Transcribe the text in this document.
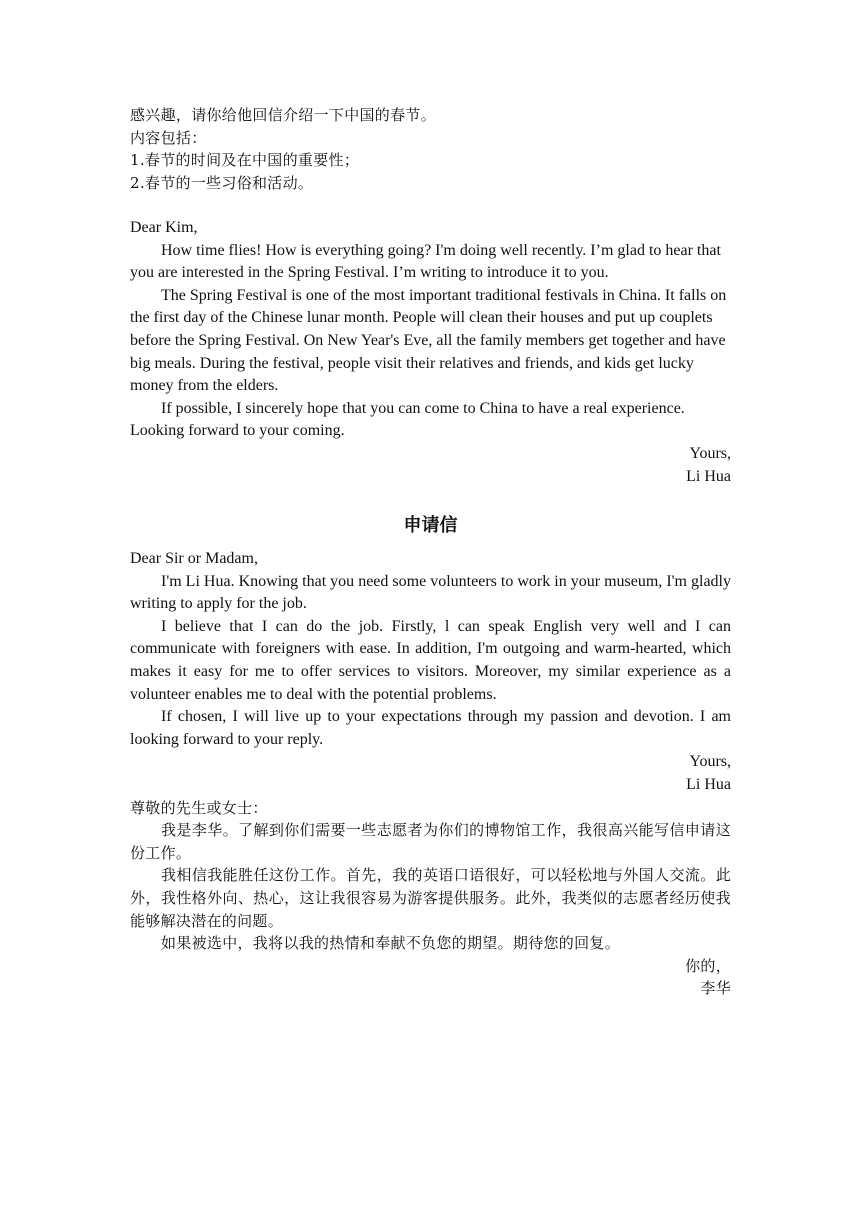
感兴趣，请你给他回信介绍一下中国的春节。

内容包括：

1.春节的时间及在中国的重要性；

2.春节的一些习俗和活动。

Dear Kim,

How time flies! How is everything going? I'm doing well recently. I’m glad to hear that you are interested in the Spring Festival. I’m writing to introduce it to you.

The Spring Festival is one of the most important traditional festivals in China. It falls on the first day of the Chinese lunar month. People will clean their houses and put up couplets before the Spring Festival. On New Year's Eve, all the family members get together and have big meals. During the festival, people visit their relatives and friends, and kids get lucky money from the elders.

If possible, I sincerely hope that you can come to China to have a real experience. Looking forward to your coming.

Yours,

Li Hua

申请信

Dear Sir or Madam,

I'm Li Hua. Knowing that you need some volunteers to work in your museum, I'm gladly writing to apply for the job.

I believe that I can do the job. Firstly, l can speak English very well and I can communicate with foreigners with ease. In addition, I'm outgoing and warm-hearted, which makes it easy for me to offer services to visitors. Moreover, my similar experience as a volunteer enables me to deal with the potential problems.

If chosen, I will live up to your expectations through my passion and devotion. I am looking forward to your reply.

Yours,

Li Hua

尊敬的先生或女士：

我是李华。了解到你们需要一些志愿者为你们的博物馆工作，我很高兴能写信申请这份工作。

我相信我能胜任这份工作。首先，我的英语口语很好，可以轻松地与外国人交流。此外，我性格外向、热心，这让我很容易为游客提供服务。此外，我类似的志愿者经历使我能够解决潜在的问题。

如果被选中，我将以我的热情和奉献不负您的期望。期待您的回复。

你的，

李华
